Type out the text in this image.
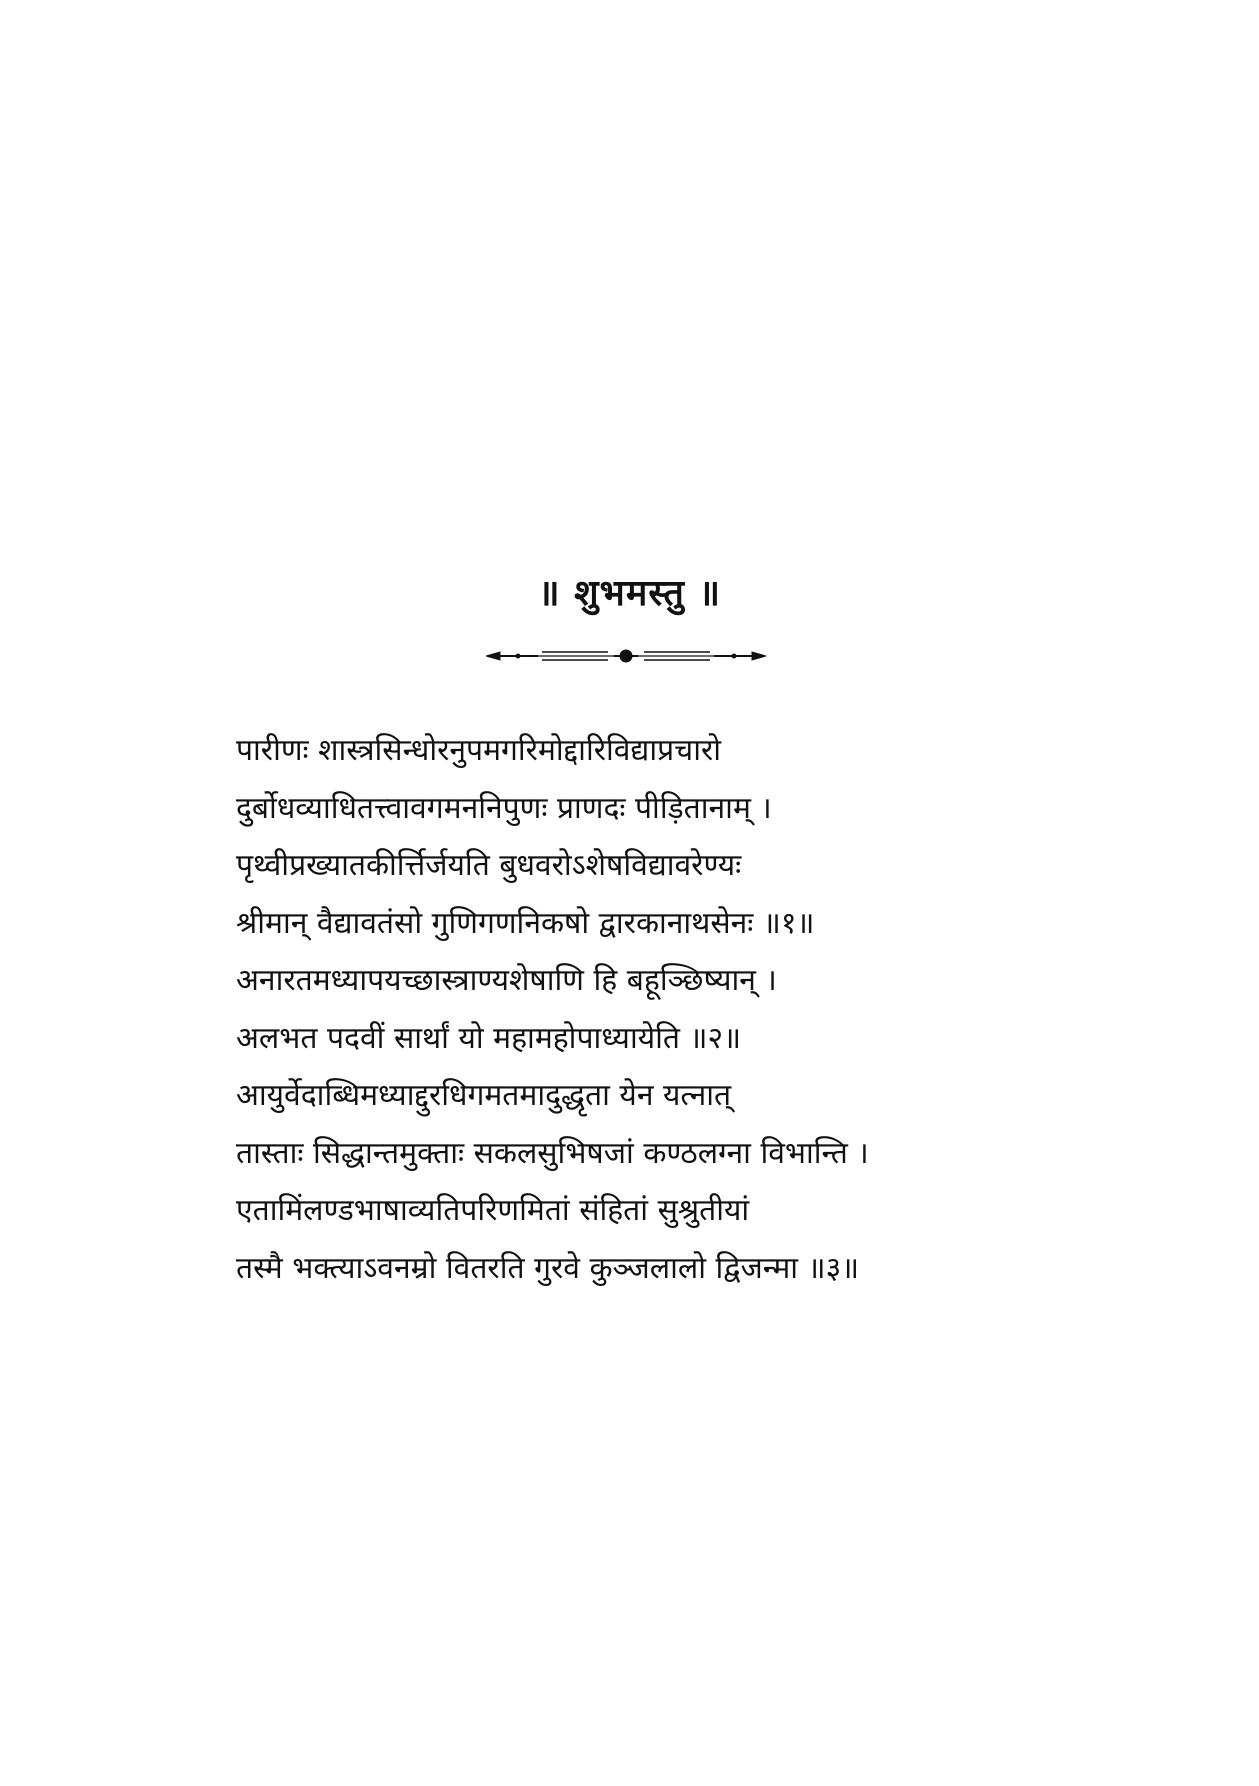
॥ शुभमस्तु ॥
पारीणः शास्त्रसिन्धोरनुपमगरिमोद्दारिविद्याप्रचारो
दुर्बोधव्याधितत्त्वावगमननिपुणः प्राणदः पीड़ितानाम् ।
पृथ्वीप्रख्यातकीर्त्तिर्जयति बुधवरोऽशेषविद्यावरेण्यः
श्रीमान् वैद्यावतंसो गुणिगणनिकषो द्वारकानाथसेनः ॥१॥
अनारतमध्यापयच्छास्त्राण्यशेषाणि हि बहूञ्छिष्यान् ।
अलभत पदवीं सार्थां यो महामहोपाध्यायेति ॥२॥
आयुर्वेदाब्धिमध्याद्दुरधिगमतमादुद्धृता येन यत्नात्
तास्ताः सिद्धान्तमुक्ताः सकलसुभिषजां कण्ठलग्ना विभान्ति ।
एतामिंलण्डभाषाव्यतिपरिणमितां संहितां सुश्रुतीयां
तस्मै भक्त्याऽवनम्रो वितरति गुरवे कुञ्जलालो द्विजन्मा ॥३॥
